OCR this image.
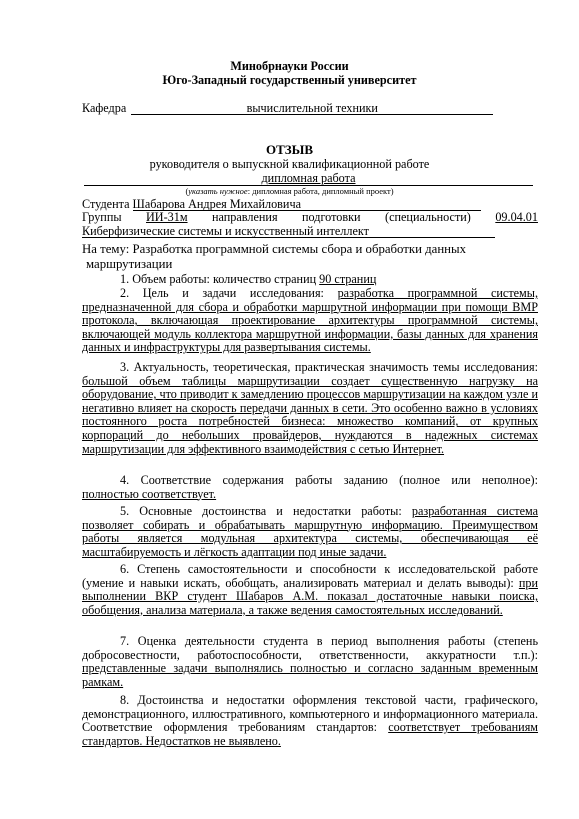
Минобрнауки России
Юго-Западный государственный университет
Кафедра	вычислительной техники
ОТЗЫВ
руководителя о выпускной квалификационной работе
дипломная работа
(указать нужное: дипломная работа, дипломный проект)
Студента Шабарова Андрея Михайловича
Группы ИИ-31м направления подготовки (специальности) 09.04.01
Киберфизические системы и искусственный интеллект
На тему: Разработка программной системы сбора и обработки данных
маршрутизации
1. Объем работы: количество страниц 90 страниц
2. Цель и задачи исследования: разработка программной системы, предназначенной для сбора и обработки маршрутной информации при помощи ВМР протокола, включающая проектирование архитектуры программной системы, включающей модуль коллектора маршрутной информации, базы данных для хранения данных и инфраструктуры для развертывания системы.
3. Актуальность, теоретическая, практическая значимость темы исследования: большой объем таблицы маршрутизации создает существенную нагрузку на оборудование, что приводит к замедлению процессов маршрутизации на каждом узле и негативно влияет на скорость передачи данных в сети. Это особенно важно в условиях постоянного роста потребностей бизнеса: множество компаний, от крупных корпораций до небольших провайдеров, нуждаются в надежных системах маршрутизации для эффективного взаимодействия с сетью Интернет.
4. Соответствие содержания работы заданию (полное или неполное): полностью соответствует.
5. Основные достоинства и недостатки работы: разработанная система позволяет собирать и обрабатывать маршрутную информацию. Преимуществом работы является модульная архитектура системы, обеспечивающая её масштабируемость и лёгкость адаптации под иные задачи.
6. Степень самостоятельности и способности к исследовательской работе (умение и навыки искать, обобщать, анализировать материал и делать выводы): при выполнении ВКР студент Шабаров А.М. показал достаточные навыки поиска, обобщения, анализа материала, а также ведения самостоятельных исследований.
7. Оценка деятельности студента в период выполнения работы (степень добросовестности, работоспособности, ответственности, аккуратности т.п.): представленные задачи выполнялись полностью и согласно заданным временным рамкам.
8. Достоинства и недостатки оформления текстовой части, графического, демонстрационного, иллюстративного, компьютерного и информационного материала. Соответствие оформления требованиям стандартов: соответствует требованиям стандартов. Недостатков не выявлено.
